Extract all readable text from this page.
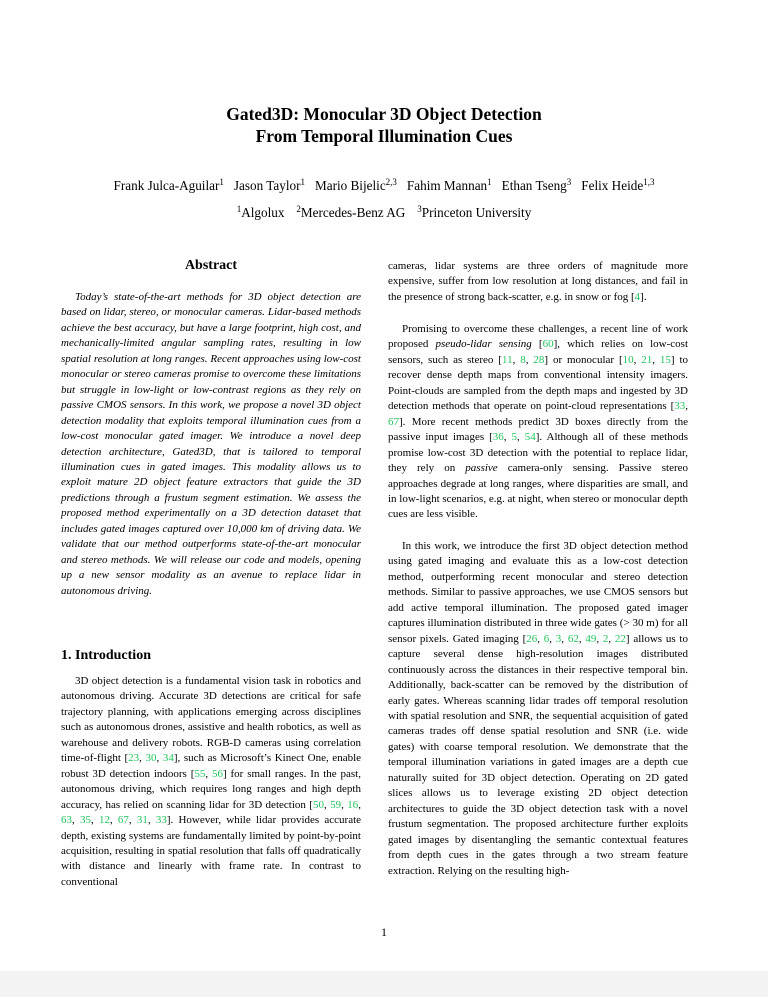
Gated3D: Monocular 3D Object Detection
From Temporal Illumination Cues
Frank Julca-Aguilar$^1$ Jason Taylor$^1$ Mario Bijelic$^{2,3}$ Fahim Mannan$^1$ Ethan Tseng$^3$ Felix Heide$^{1,3}$
$^1$Algolux $^2$Mercedes-Benz AG $^3$Princeton University
Abstract

Today’s state-of-the-art methods for 3D object detection are based on lidar, stereo, or monocular cameras. Lidar-based methods achieve the best accuracy, but have a large footprint, high cost, and mechanically-limited angular sampling rates, resulting in low spatial resolution at long ranges. Recent approaches using low-cost monocular or stereo cameras promise to overcome these limitations but struggle in low-light or low-contrast regions as they rely on passive CMOS sensors. In this work, we propose a novel 3D object detection modality that exploits temporal illumination cues from a low-cost monocular gated imager. We introduce a novel deep detection architecture, Gated3D, that is tailored to temporal illumination cues in gated images. This modality allows us to exploit mature 2D object feature extractors that guide the 3D predictions through a frustum segment estimation. We assess the proposed method experimentally on a 3D detection dataset that includes gated images captured over 10,000 km of driving data. We validate that our method outperforms state-of-the-art monocular and stereo methods. We will release our code and models, opening up a new sensor modality as an avenue to replace lidar in autonomous driving.

1. Introduction

3D object detection is a fundamental vision task in robotics and autonomous driving. Accurate 3D detections are critical for safe trajectory planning, with applications emerging across disciplines such as autonomous drones, assistive and health robotics, as well as warehouse and delivery robots. RGB-D cameras using correlation time-of-flight [23, 30, 34], such as Microsoft’s Kinect One, enable robust 3D detection indoors [55, 56] for small ranges. In the past, autonomous driving, which requires long ranges and high depth accuracy, has relied on scanning lidar for 3D detection [50, 59, 16, 63, 35, 12, 67, 31, 33]. However, while lidar provides accurate depth, existing systems are fundamentally limited by point-by-point acquisition, resulting in spatial resolution that falls off quadratically with distance and linearly with frame rate. In contrast to conventional

cameras, lidar systems are three orders of magnitude more expensive, suffer from low resolution at long distances, and fail in the presence of strong back-scatter, e.g. in snow or fog [4].

Promising to overcome these challenges, a recent line of work proposed pseudo-lidar sensing [60], which relies on low-cost sensors, such as stereo [11, 8, 28] or monocular [10, 21, 15] to recover dense depth maps from conventional intensity imagers. Point-clouds are sampled from the depth maps and ingested by 3D detection methods that operate on point-cloud representations [33, 67]. More recent methods predict 3D boxes directly from the passive input images [36, 5, 54]. Although all of these methods promise low-cost 3D detection with the potential to replace lidar, they rely on passive camera-only sensing. Passive stereo approaches degrade at long ranges, where disparities are small, and in low-light scenarios, e.g. at night, when stereo or monocular depth cues are less visible.

In this work, we introduce the first 3D object detection method using gated imaging and evaluate this as a low-cost detection method, outperforming recent monocular and stereo detection methods. Similar to passive approaches, we use CMOS sensors but add active temporal illumination. The proposed gated imager captures illumination distributed in three wide gates (> 30 m) for all sensor pixels. Gated imaging [26, 6, 3, 62, 49, 2, 22] allows us to capture several dense high-resolution images distributed continuously across the distances in their respective temporal bin. Additionally, back-scatter can be removed by the distribution of early gates. Whereas scanning lidar trades off temporal resolution with spatial resolution and SNR, the sequential acquisition of gated cameras trades off dense spatial resolution and SNR (i.e. wide gates) with coarse temporal resolution. We demonstrate that the temporal illumination variations in gated images are a depth cue naturally suited for 3D object detection. Operating on 2D gated slices allows us to leverage existing 2D object detection architectures to guide the 3D object detection task with a novel frustum segmentation. The proposed architecture further exploits gated images by disentangling the semantic contextual features from depth cues in the gates through a two stream feature extraction. Relying on the resulting high-

1
